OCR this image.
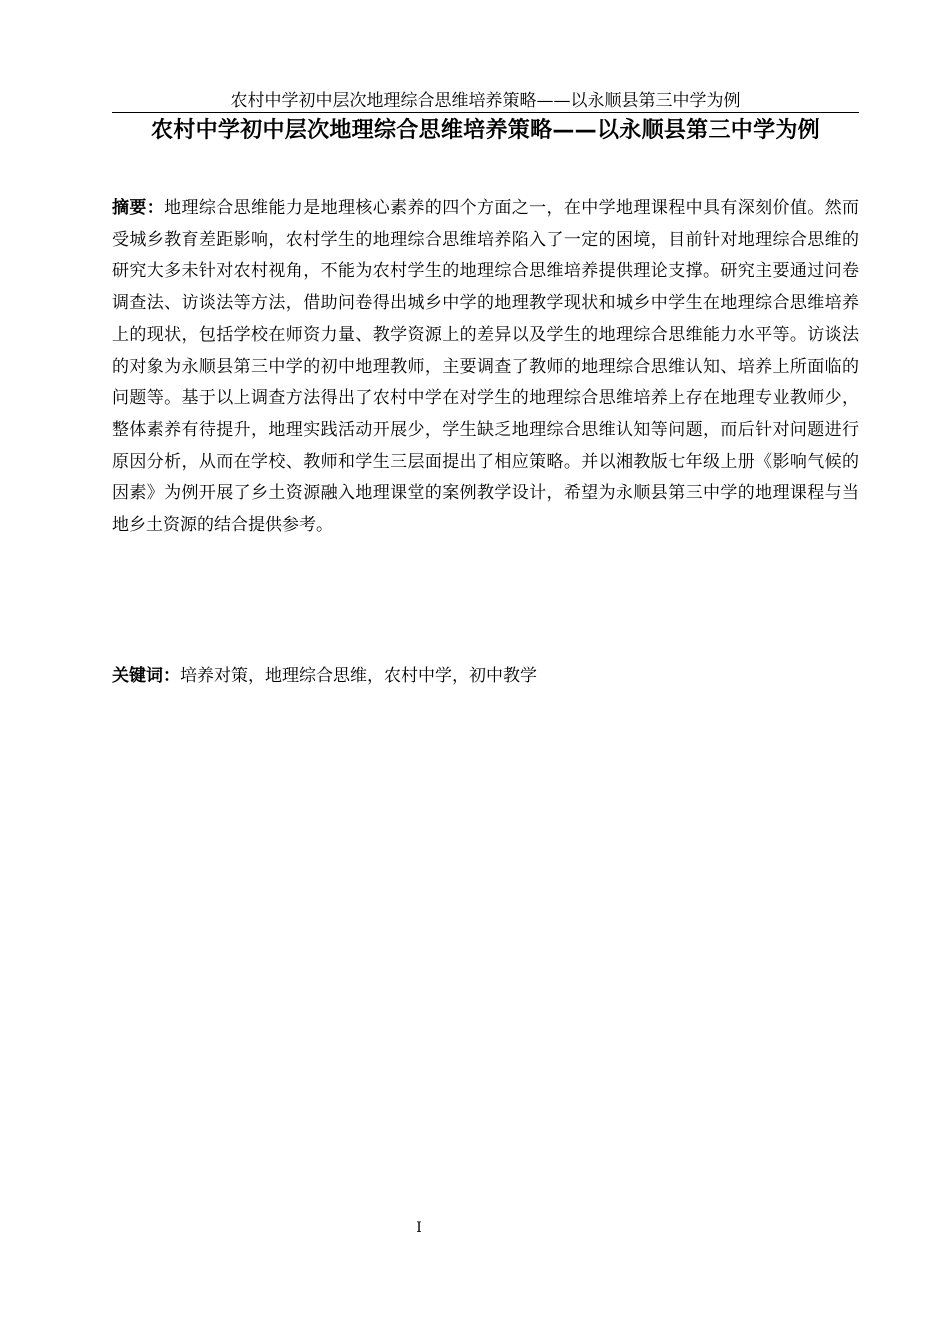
农村中学初中层次地理综合思维培养策略——以永顺县第三中学为例
农村中学初中层次地理综合思维培养策略——以永顺县第三中学为例

摘要：地理综合思维能力是地理核心素养的四个方面之一，在中学地理课程中具有深刻价值。然而受城乡教育差距影响，农村学生的地理综合思维培养陷入了一定的困境，目前针对地理综合思维的研究大多未针对农村视角，不能为农村学生的地理综合思维培养提供理论支撑。研究主要通过问卷调查法、访谈法等方法，借助问卷得出城乡中学的地理教学现状和城乡中学生在地理综合思维培养上的现状，包括学校在师资力量、教学资源上的差异以及学生的地理综合思维能力水平等。访谈法的对象为永顺县第三中学的初中地理教师，主要调查了教师的地理综合思维认知、培养上所面临的问题等。基于以上调查方法得出了农村中学在对学生的地理综合思维培养上存在地理专业教师少，整体素养有待提升，地理实践活动开展少，学生缺乏地理综合思维认知等问题，而后针对问题进行原因分析，从而在学校、教师和学生三层面提出了相应策略。并以湘教版七年级上册《影响气候的因素》为例开展了乡土资源融入地理课堂的案例教学设计，希望为永顺县第三中学的地理课程与当地乡土资源的结合提供参考。

关键词：培养对策，地理综合思维，农村中学，初中教学

I
